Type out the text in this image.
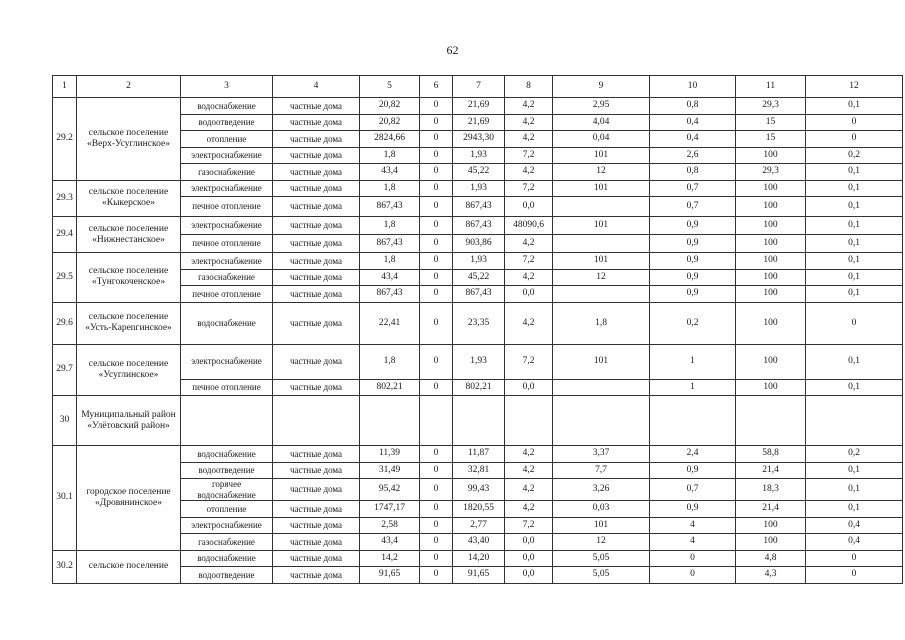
62
1	2	3	4	5	6	7	8	9	10	11	12
29.2	сельское поселение «Верх-Усуглинское»	водоснабжение	частные дома	20,82	0	21,69	4,2	2,95	0,8	29,3	0,1
		водоотведение	частные дома	20,82	0	21,69	4,2	4,04	0,4	15	0
		отопление	частные дома	2824,66	0	2943,30	4,2	0,04	0,4	15	0
		электроснабжение	частные дома	1,8	0	1,93	7,2	101	2,6	100	0,2
		газоснабжение	частные дома	43,4	0	45,22	4,2	12	0,8	29,3	0,1
29.3	сельское поселение «Кыкерское»	электроснабжение	частные дома	1,8	0	1,93	7,2	101	0,7	100	0,1
		печное отопление	частные дома	867,43	0	867,43	0,0		0,7	100	0,1
29.4	сельское поселение «Нижнестанское»	электроснабжение	частные дома	1,8	0	867,43	48090,6	101	0,9	100	0,1
		печное отопление	частные дома	867,43	0	903,86	4,2		0,9	100	0,1
29.5	сельское поселение «Тунгокоченское»	электроснабжение	частные дома	1,8	0	1,93	7,2	101	0,9	100	0,1
		газоснабжение	частные дома	43,4	0	45,22	4,2	12	0,9	100	0,1
		печное отопление	частные дома	867,43	0	867,43	0,0		0,9	100	0,1
29.6	сельское поселение «Усть-Карenгинское»	водоснабжение	частные дома	22,41	0	23,35	4,2	1,8	0,2	100	0
29.7	сельское поселение «Усуглинское»	электроснабжение	частные дома	1,8	0	1,93	7,2	101	1	100	0,1
		печное отопление	частные дома	802,21	0	802,21	0,0		1	100	0,1
30	Муниципальный район «Улётовский район»										
30.1	городское поселение «Дровянинское»	водоснабжение	частные дома	11,39	0	11,87	4,2	3,37	2,4	58,8	0,2
		водоотведение	частные дома	31,49	0	32,81	4,2	7,7	0,9	21,4	0,1
		горячее водоснабжение	частные дома	95,42	0	99,43	4,2	3,26	0,7	18,3	0,1
		отопление	частные дома	1747,17	0	1820,55	4,2	0,03	0,9	21,4	0,1
		электроснабжение	частные дома	2,58	0	2,77	7,2	101	4	100	0,4
		газоснабжение	частные дома	43,4	0	43,40	0,0	12	4	100	0,4
30.2	сельское поселение	водоснабжение	частные дома	14,2	0	14,20	0,0	5,05	0	4,8	0
		водоотведение	частные дома	91,65	0	91,65	0,0	5,05	0	4,3	0
